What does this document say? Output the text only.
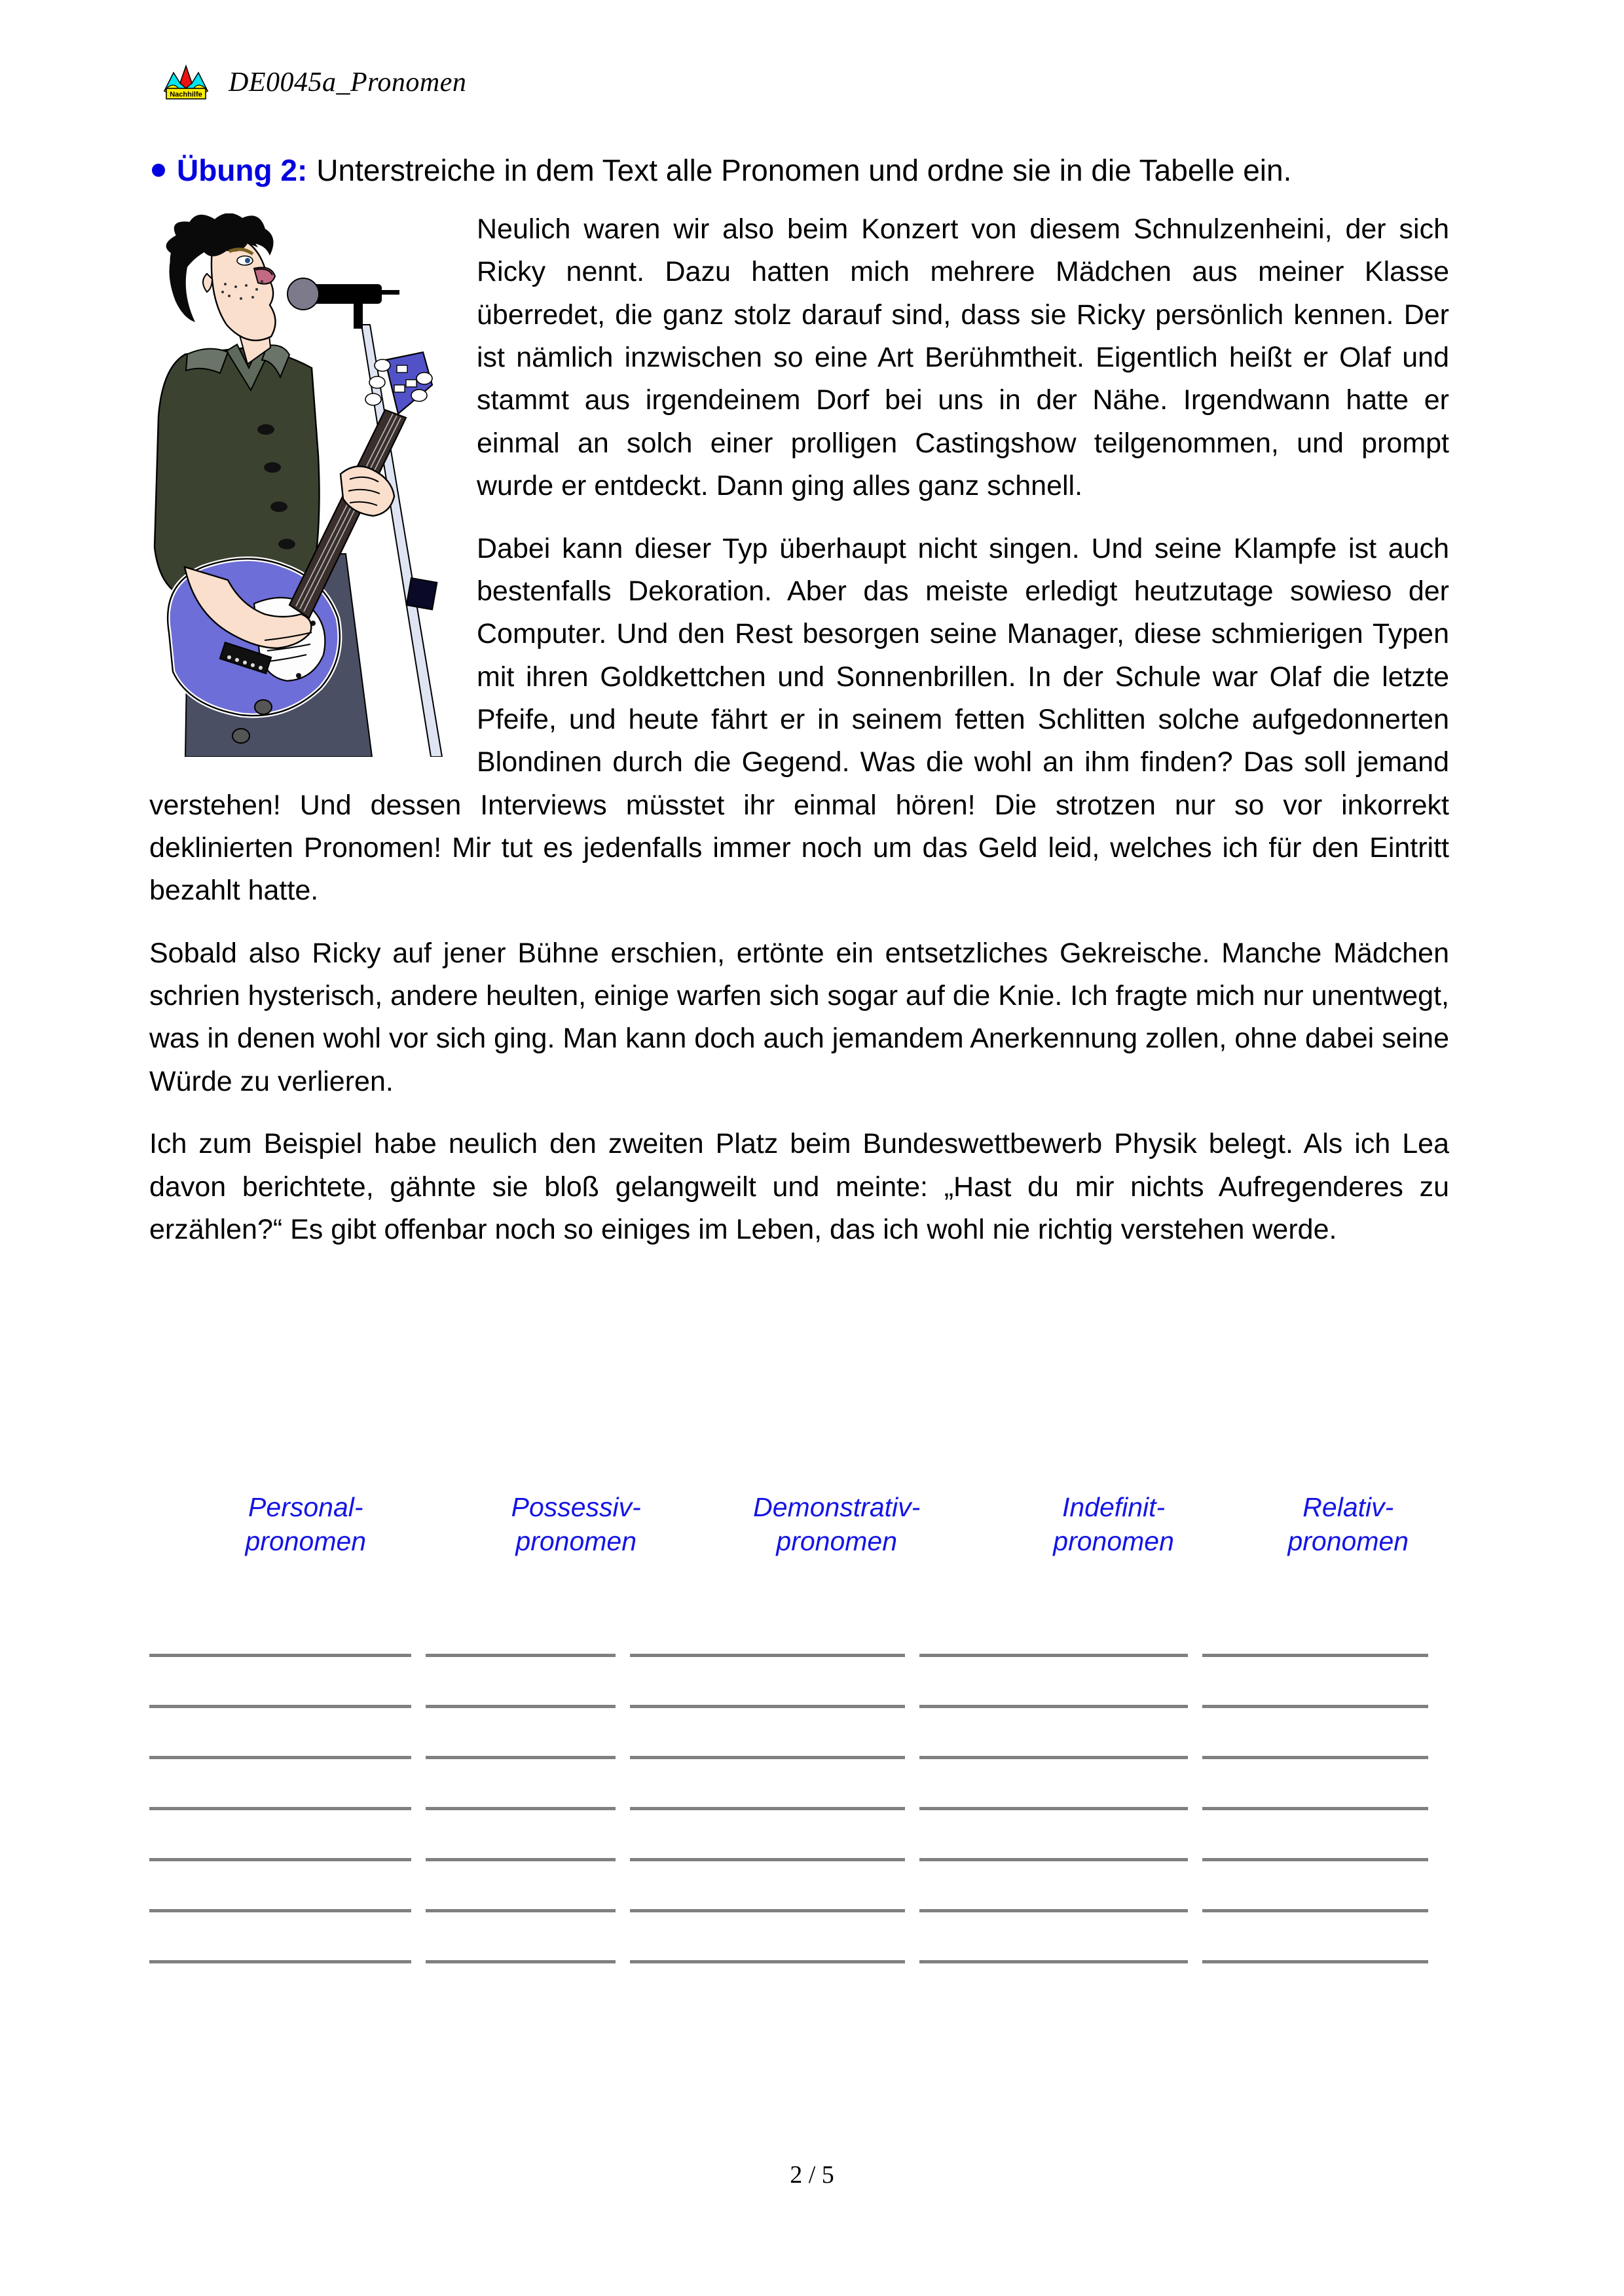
Nachhilfe DE0045a_Pronomen
Übung 2: Unterstreiche in dem Text alle Pronomen und ordne sie in die Tabelle ein.

Neulich waren wir also beim Konzert von diesem Schnulzenheini, der sich Ricky nennt. Dazu hatten mich mehrere Mädchen aus meiner Klasse überredet, die ganz stolz darauf sind, dass sie Ricky persönlich kennen. Der ist nämlich inzwischen so eine Art Berühmtheit. Eigentlich heißt er Olaf und stammt aus irgendeinem Dorf bei uns in der Nähe. Irgendwann hatte er einmal an solch einer prolligen Castingshow teilgenommen, und prompt wurde er entdeckt. Dann ging alles ganz schnell.

Dabei kann dieser Typ überhaupt nicht singen. Und seine Klampfe ist auch bestenfalls Dekoration. Aber das meiste erledigt heutzutage sowieso der Computer. Und den Rest besorgen seine Manager, diese schmierigen Typen mit ihren Goldkettchen und Sonnenbrillen. In der Schule war Olaf die letzte Pfeife, und heute fährt er in seinem fetten Schlitten solche aufgedonnerten Blondinen durch die Gegend. Was die wohl an ihm finden? Das soll jemand verstehen! Und dessen Interviews müsstet ihr einmal hören! Die strotzen nur so vor inkorrekt deklinierten Pronomen! Mir tut es jedenfalls immer noch um das Geld leid, welches ich für den Eintritt bezahlt hatte.

Sobald also Ricky auf jener Bühne erschien, ertönte ein entsetzliches Gekreische. Manche Mädchen schrien hysterisch, andere heulten, einige warfen sich sogar auf die Knie. Ich fragte mich nur unentwegt, was in denen wohl vor sich ging. Man kann doch auch jemandem Anerkennung zollen, ohne dabei seine Würde zu verlieren.

Ich zum Beispiel habe neulich den zweiten Platz beim Bundeswettbewerb Physik belegt. Als ich Lea davon berichtete, gähnte sie bloß gelangweilt und meinte: „Hast du mir nichts Aufregenderes zu erzählen?“ Es gibt offenbar noch so einiges im Leben, das ich wohl nie richtig verstehen werde.

Personal-
pronomen
Possessiv-
pronomen
Demonstrativ-
pronomen
Indefinit-
pronomen
Relativ-
pronomen
2 / 5
